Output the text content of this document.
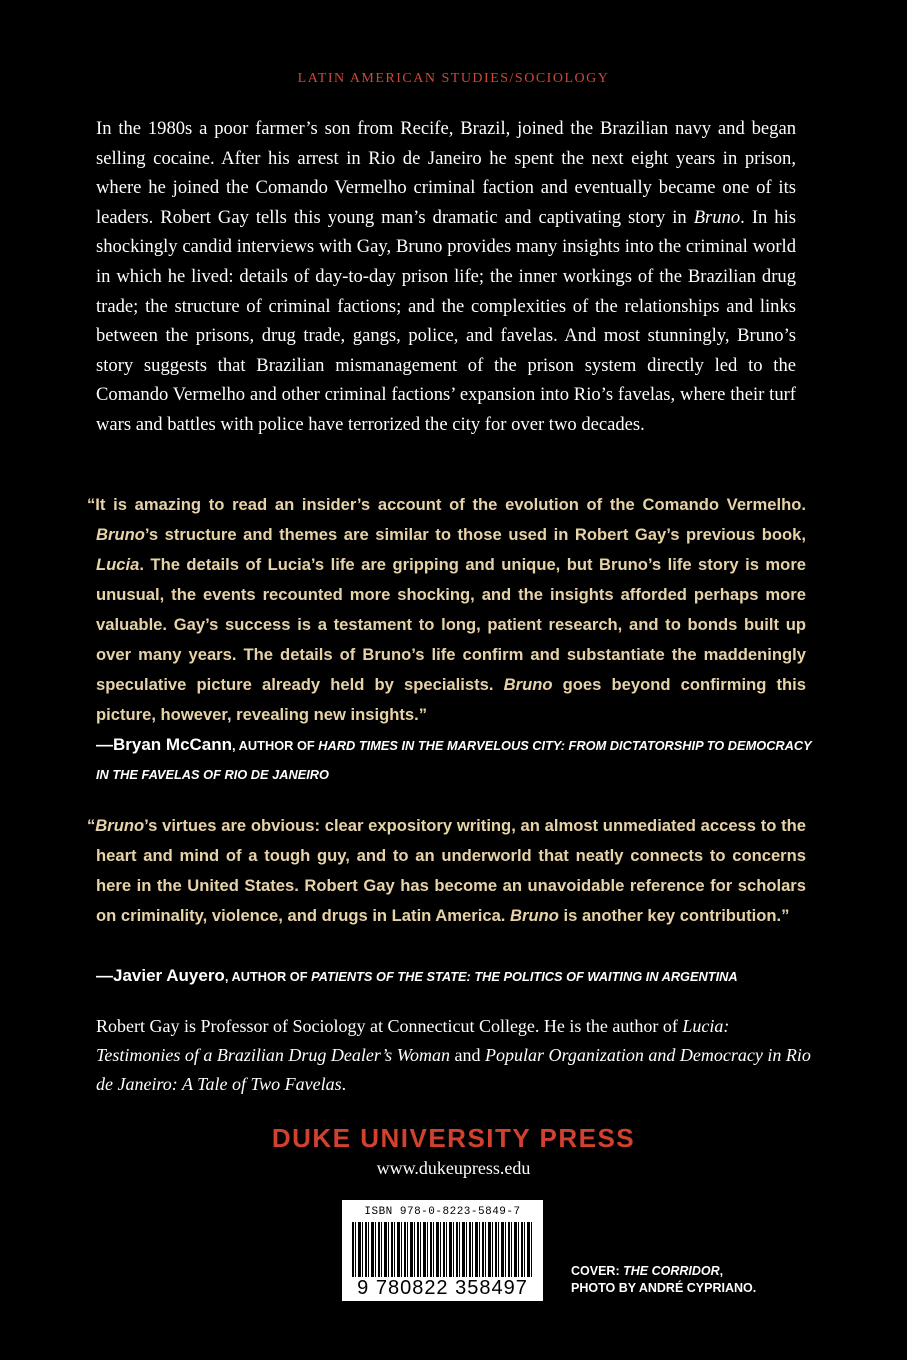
LATIN AMERICAN STUDIES/SOCIOLOGY

In the 1980s a poor farmer’s son from Recife, Brazil, joined the Brazilian navy and began selling cocaine. After his arrest in Rio de Janeiro he spent the next eight years in prison, where he joined the Comando Vermelho criminal faction and eventually became one of its leaders. Robert Gay tells this young man’s dramatic and captivating story in Bruno. In his shockingly candid interviews with Gay, Bruno provides many insights into the criminal world in which he lived: details of day-to-day prison life; the inner workings of the Brazilian drug trade; the structure of criminal factions; and the complexities of the relationships and links between the prisons, drug trade, gangs, police, and favelas. And most stunningly, Bruno’s story suggests that Brazilian mismanagement of the prison system directly led to the Comando Vermelho and other criminal factions’ expansion into Rio’s favelas, where their turf wars and battles with police have terrorized the city for over two decades.

“It is amazing to read an insider’s account of the evolution of the Comando Vermelho. Bruno’s structure and themes are similar to those used in Robert Gay’s previous book, Lucia. The details of Lucia’s life are gripping and unique, but Bruno’s life story is more unusual, the events recounted more shocking, and the insights afforded perhaps more valuable. Gay’s success is a testament to long, patient research, and to bonds built up over many years. The details of Bruno’s life confirm and substantiate the maddeningly speculative picture already held by specialists. Bruno goes beyond confirming this picture, however, revealing new insights.”

—Bryan McCann, AUTHOR OF HARD TIMES IN THE MARVELOUS CITY: FROM DICTATORSHIP TO DEMOCRACY IN THE FAVELAS OF RIO DE JANEIRO

“Bruno’s virtues are obvious: clear expository writing, an almost unmediated access to the heart and mind of a tough guy, and to an underworld that neatly connects to concerns here in the United States. Robert Gay has become an unavoidable reference for scholars on criminality, violence, and drugs in Latin America. Bruno is another key contribution.”

—Javier Auyero, AUTHOR OF PATIENTS OF THE STATE: THE POLITICS OF WAITING IN ARGENTINA

Robert Gay is Professor of Sociology at Connecticut College. He is the author of Lucia: Testimonies of a Brazilian Drug Dealer’s Woman and Popular Organization and Democracy in Rio de Janeiro: A Tale of Two Favelas.

DUKE UNIVERSITY PRESS
www.dukeupress.edu
ISBN 978-0-8223-5849-7
9 780822 358497

COVER: THE CORRIDOR,
PHOTO BY ANDRÉ CYPRIANO.
